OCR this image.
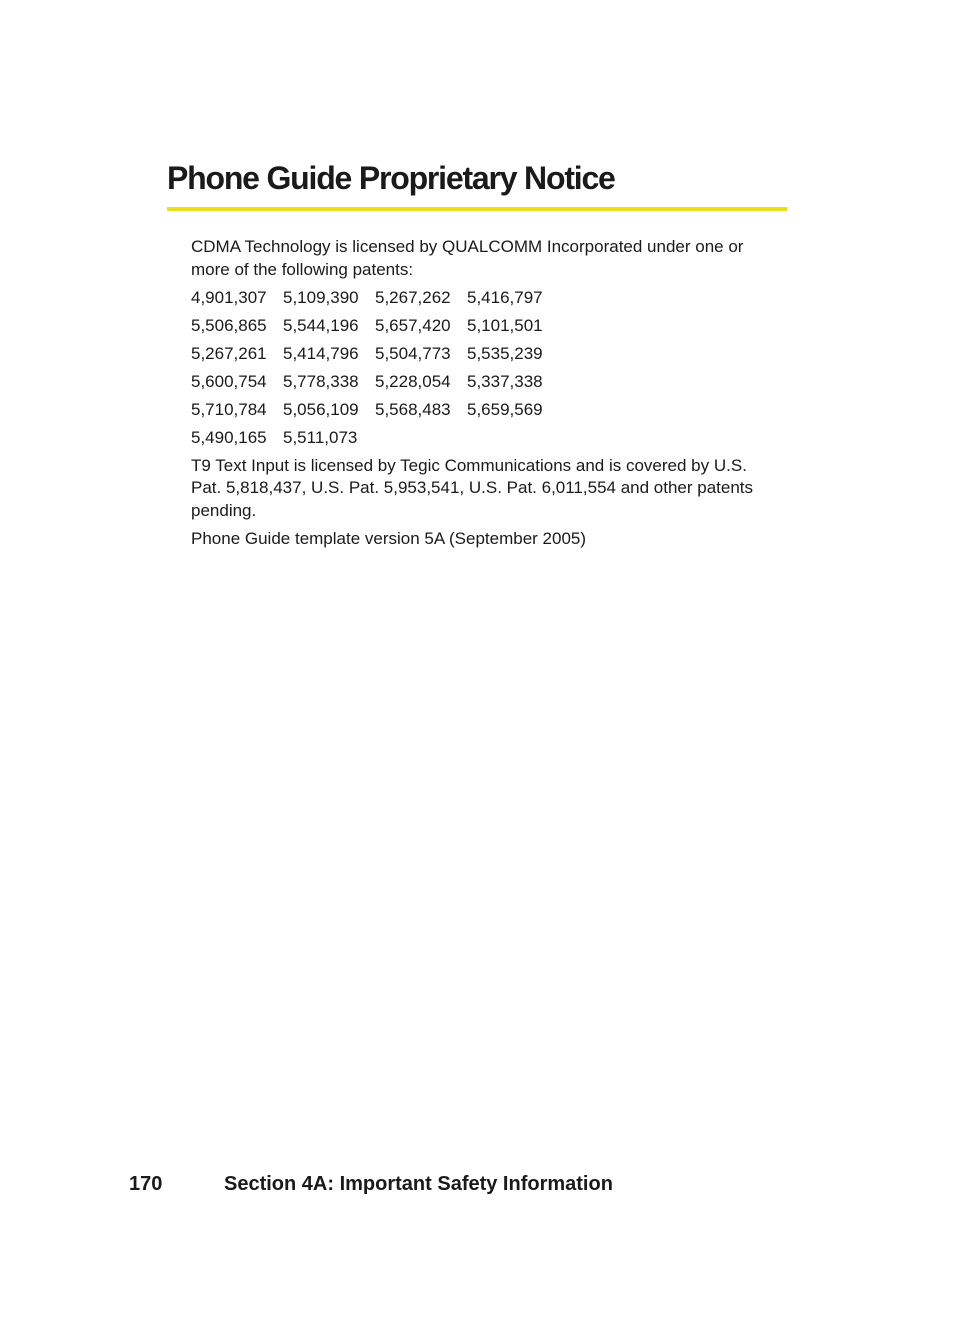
Phone Guide Proprietary Notice

CDMA Technology is licensed by QUALCOMM Incorporated under one or more of the following patents:

4,901,307 5,109,390 5,267,262 5,416,797
5,506,865 5,544,196 5,657,420 5,101,501
5,267,261 5,414,796 5,504,773 5,535,239
5,600,754 5,778,338 5,228,054 5,337,338
5,710,784 5,056,109 5,568,483 5,659,569
5,490,165 5,511,073

T9 Text Input is licensed by Tegic Communications and is covered by U.S. Pat. 5,818,437, U.S. Pat. 5,953,541, U.S. Pat. 6,011,554 and other patents pending.

Phone Guide template version 5A (September 2005)

170	Section 4A: Important Safety Information
